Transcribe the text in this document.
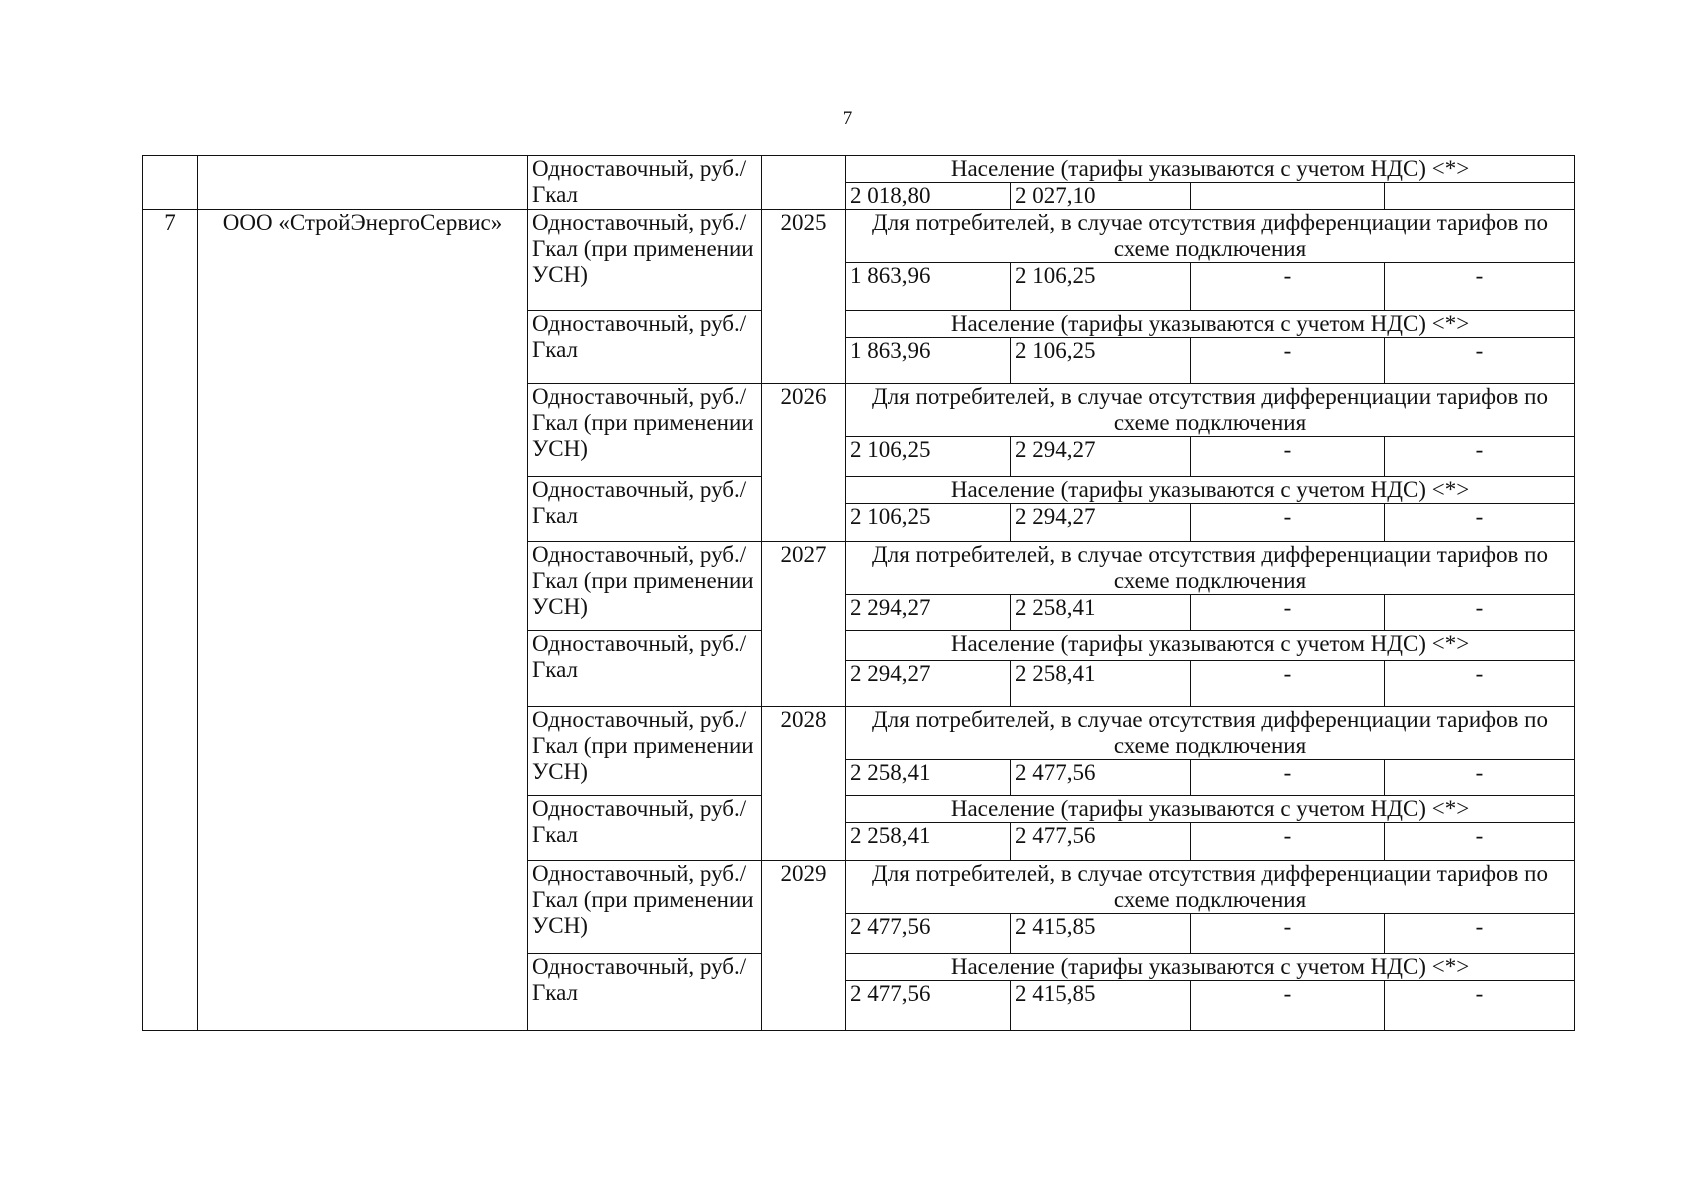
7
		Одноставочный, руб./Гкал		Население (тарифы указываются с учетом НДС) <*>			
				2 018,80	2 027,10		
7	ООО «СтройЭнергоСервис»	Одноставочный, руб./Гкал (при применении УСН)	2025	Для потребителей, в случае отсутствия дифференциации тарифов по схеме подключения			
				1 863,96	2 106,25	-	-
		Одноставочный, руб./Гкал		Население (тарифы указываются с учетом НДС) <*>			
				1 863,96	2 106,25	-	-
		Одноставочный, руб./Гкал (при применении УСН)	2026	Для потребителей, в случае отсутствия дифференциации тарифов по схеме подключения			
				2 106,25	2 294,27	-	-
		Одноставочный, руб./Гкал		Население (тарифы указываются с учетом НДС) <*>			
				2 106,25	2 294,27	-	-
		Одноставочный, руб./Гкал (при применении УСН)	2027	Для потребителей, в случае отсутствия дифференциации тарифов по схеме подключения			
				2 294,27	2 258,41	-	-
		Одноставочный, руб./Гкал		Население (тарифы указываются с учетом НДС) <*>			
				2 294,27	2 258,41	-	-
		Одноставочный, руб./Гкал (при применении УСН)	2028	Для потребителей, в случае отсутствия дифференциации тарифов по схеме подключения			
				2 258,41	2 477,56	-	-
		Одноставочный, руб./Гкал		Население (тарифы указываются с учетом НДС) <*>			
				2 258,41	2 477,56	-	-
		Одноставочный, руб./Гкал (при применении УСН)	2029	Для потребителей, в случае отсутствия дифференциации тарифов по схеме подключения			
				2 477,56	2 415,85	-	-
		Одноставочный, руб./Гкал		Население (тарифы указываются с учетом НДС) <*>			
				2 477,56	2 415,85	-	-
